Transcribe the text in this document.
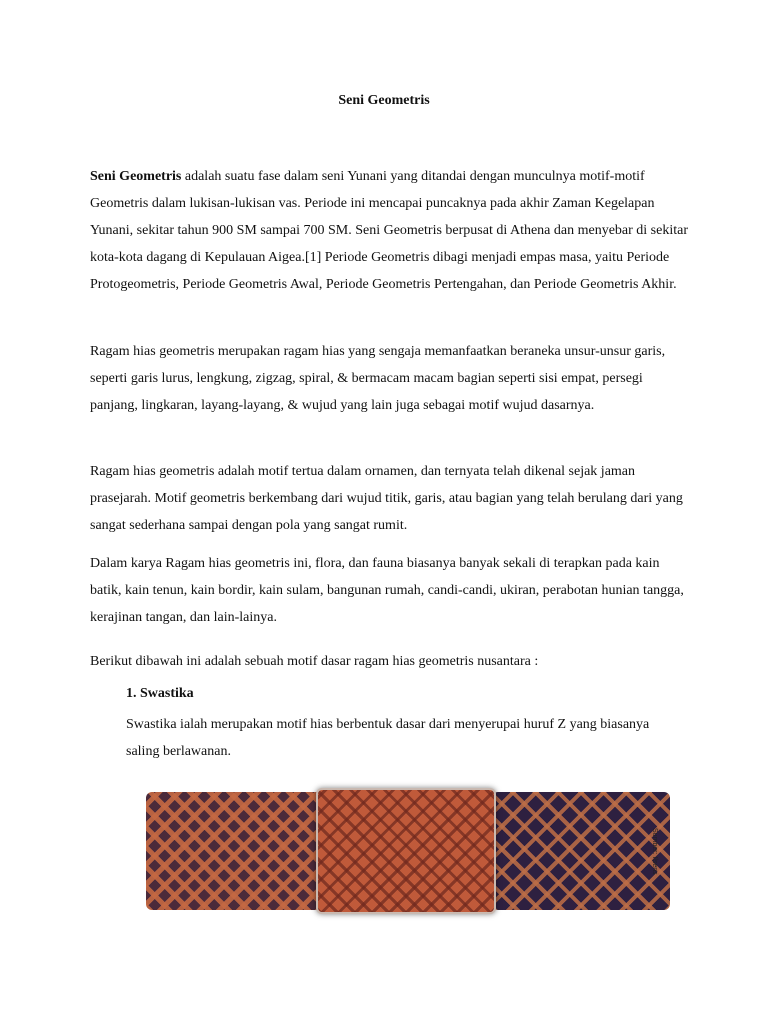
Seni Geometris
Seni Geometris adalah suatu fase dalam seni Yunani yang ditandai dengan munculnya motif-motif Geometris dalam lukisan-lukisan vas. Periode ini mencapai puncaknya pada akhir Zaman Kegelapan Yunani, sekitar tahun 900 SM sampai 700 SM. Seni Geometris berpusat di Athena dan menyebar di sekitar kota-kota dagang di Kepulauan Aigea.[1] Periode Geometris dibagi menjadi empas masa, yaitu Periode Protogeometris, Periode Geometris Awal, Periode Geometris Pertengahan, dan Periode Geometris Akhir.
Ragam hias geometris merupakan ragam hias yang sengaja memanfaatkan beraneka unsur-unsur garis, seperti garis lurus, lengkung, zigzag, spiral, & bermacam macam bagian seperti sisi empat, persegi panjang, lingkaran, layang-layang, & wujud yang lain juga sebagai motif wujud dasarnya.
Ragam hias geometris adalah motif tertua dalam ornamen, dan ternyata telah dikenal sejak jaman prasejarah. Motif geometris berkembang dari wujud titik, garis, atau bagian yang telah berulang dari yang sangat sederhana sampai dengan pola yang sangat rumit.
Dalam karya Ragam hias geometris ini, flora, dan fauna biasanya banyak sekali di terapkan pada kain batik, kain tenun, kain bordir, kain sulam, bangunan rumah, candi-candi, ukiran, perabotan hunian tangga, kerajinan tangan, dan lain-lainya.
Berikut dibawah ini adalah sebuah motif dasar ragam hias geometris nusantara :
1. Swastika
Swastika ialah merupakan motif hias berbentuk dasar dari menyerupai huruf Z yang biasanya saling berlawanan.
Sumber: Ilsens
